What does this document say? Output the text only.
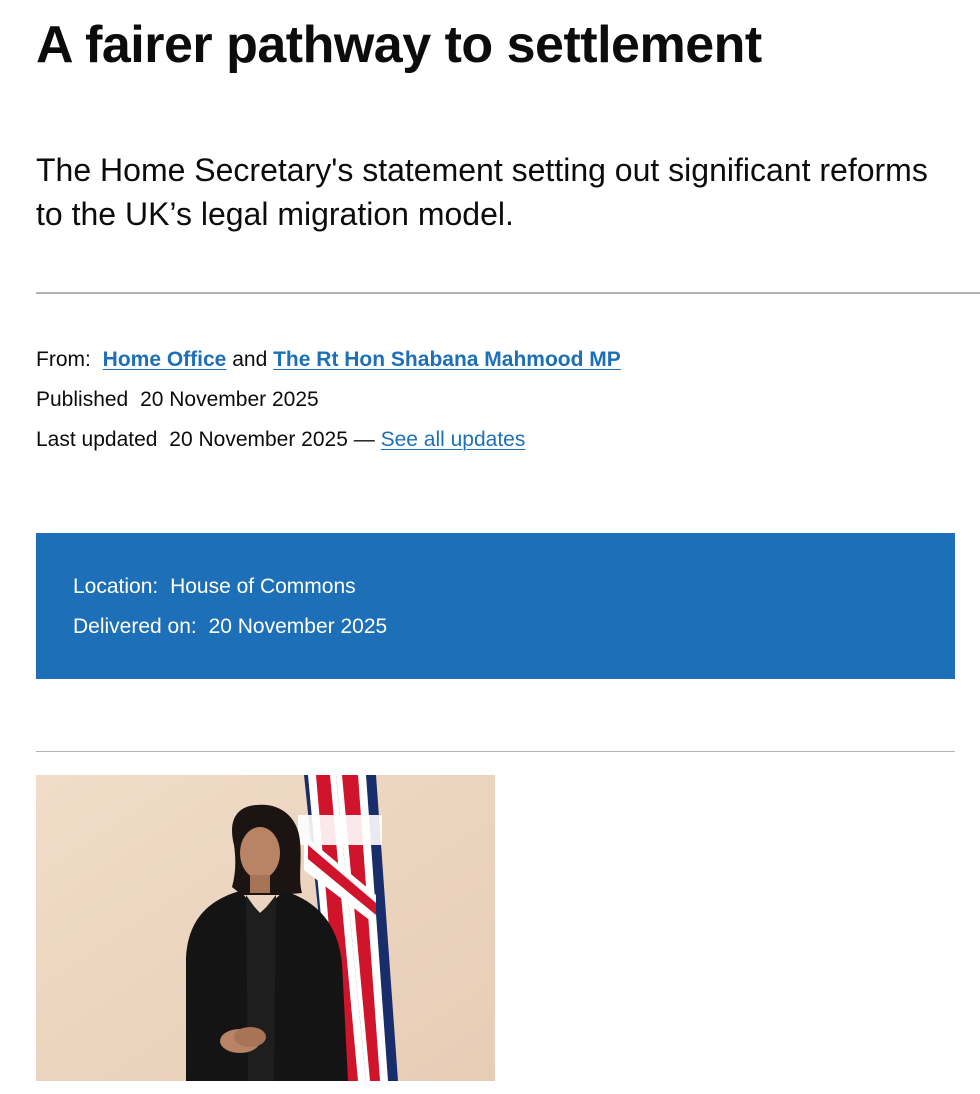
A fairer pathway to settlement

The Home Secretary's statement setting out significant reforms to the UK’s legal migration model.

From: Home Office and The Rt Hon Shabana Mahmood MP
Published 20 November 2025
Last updated 20 November 2025 — See all updates
Location: House of Commons
Delivered on: 20 November 2025
